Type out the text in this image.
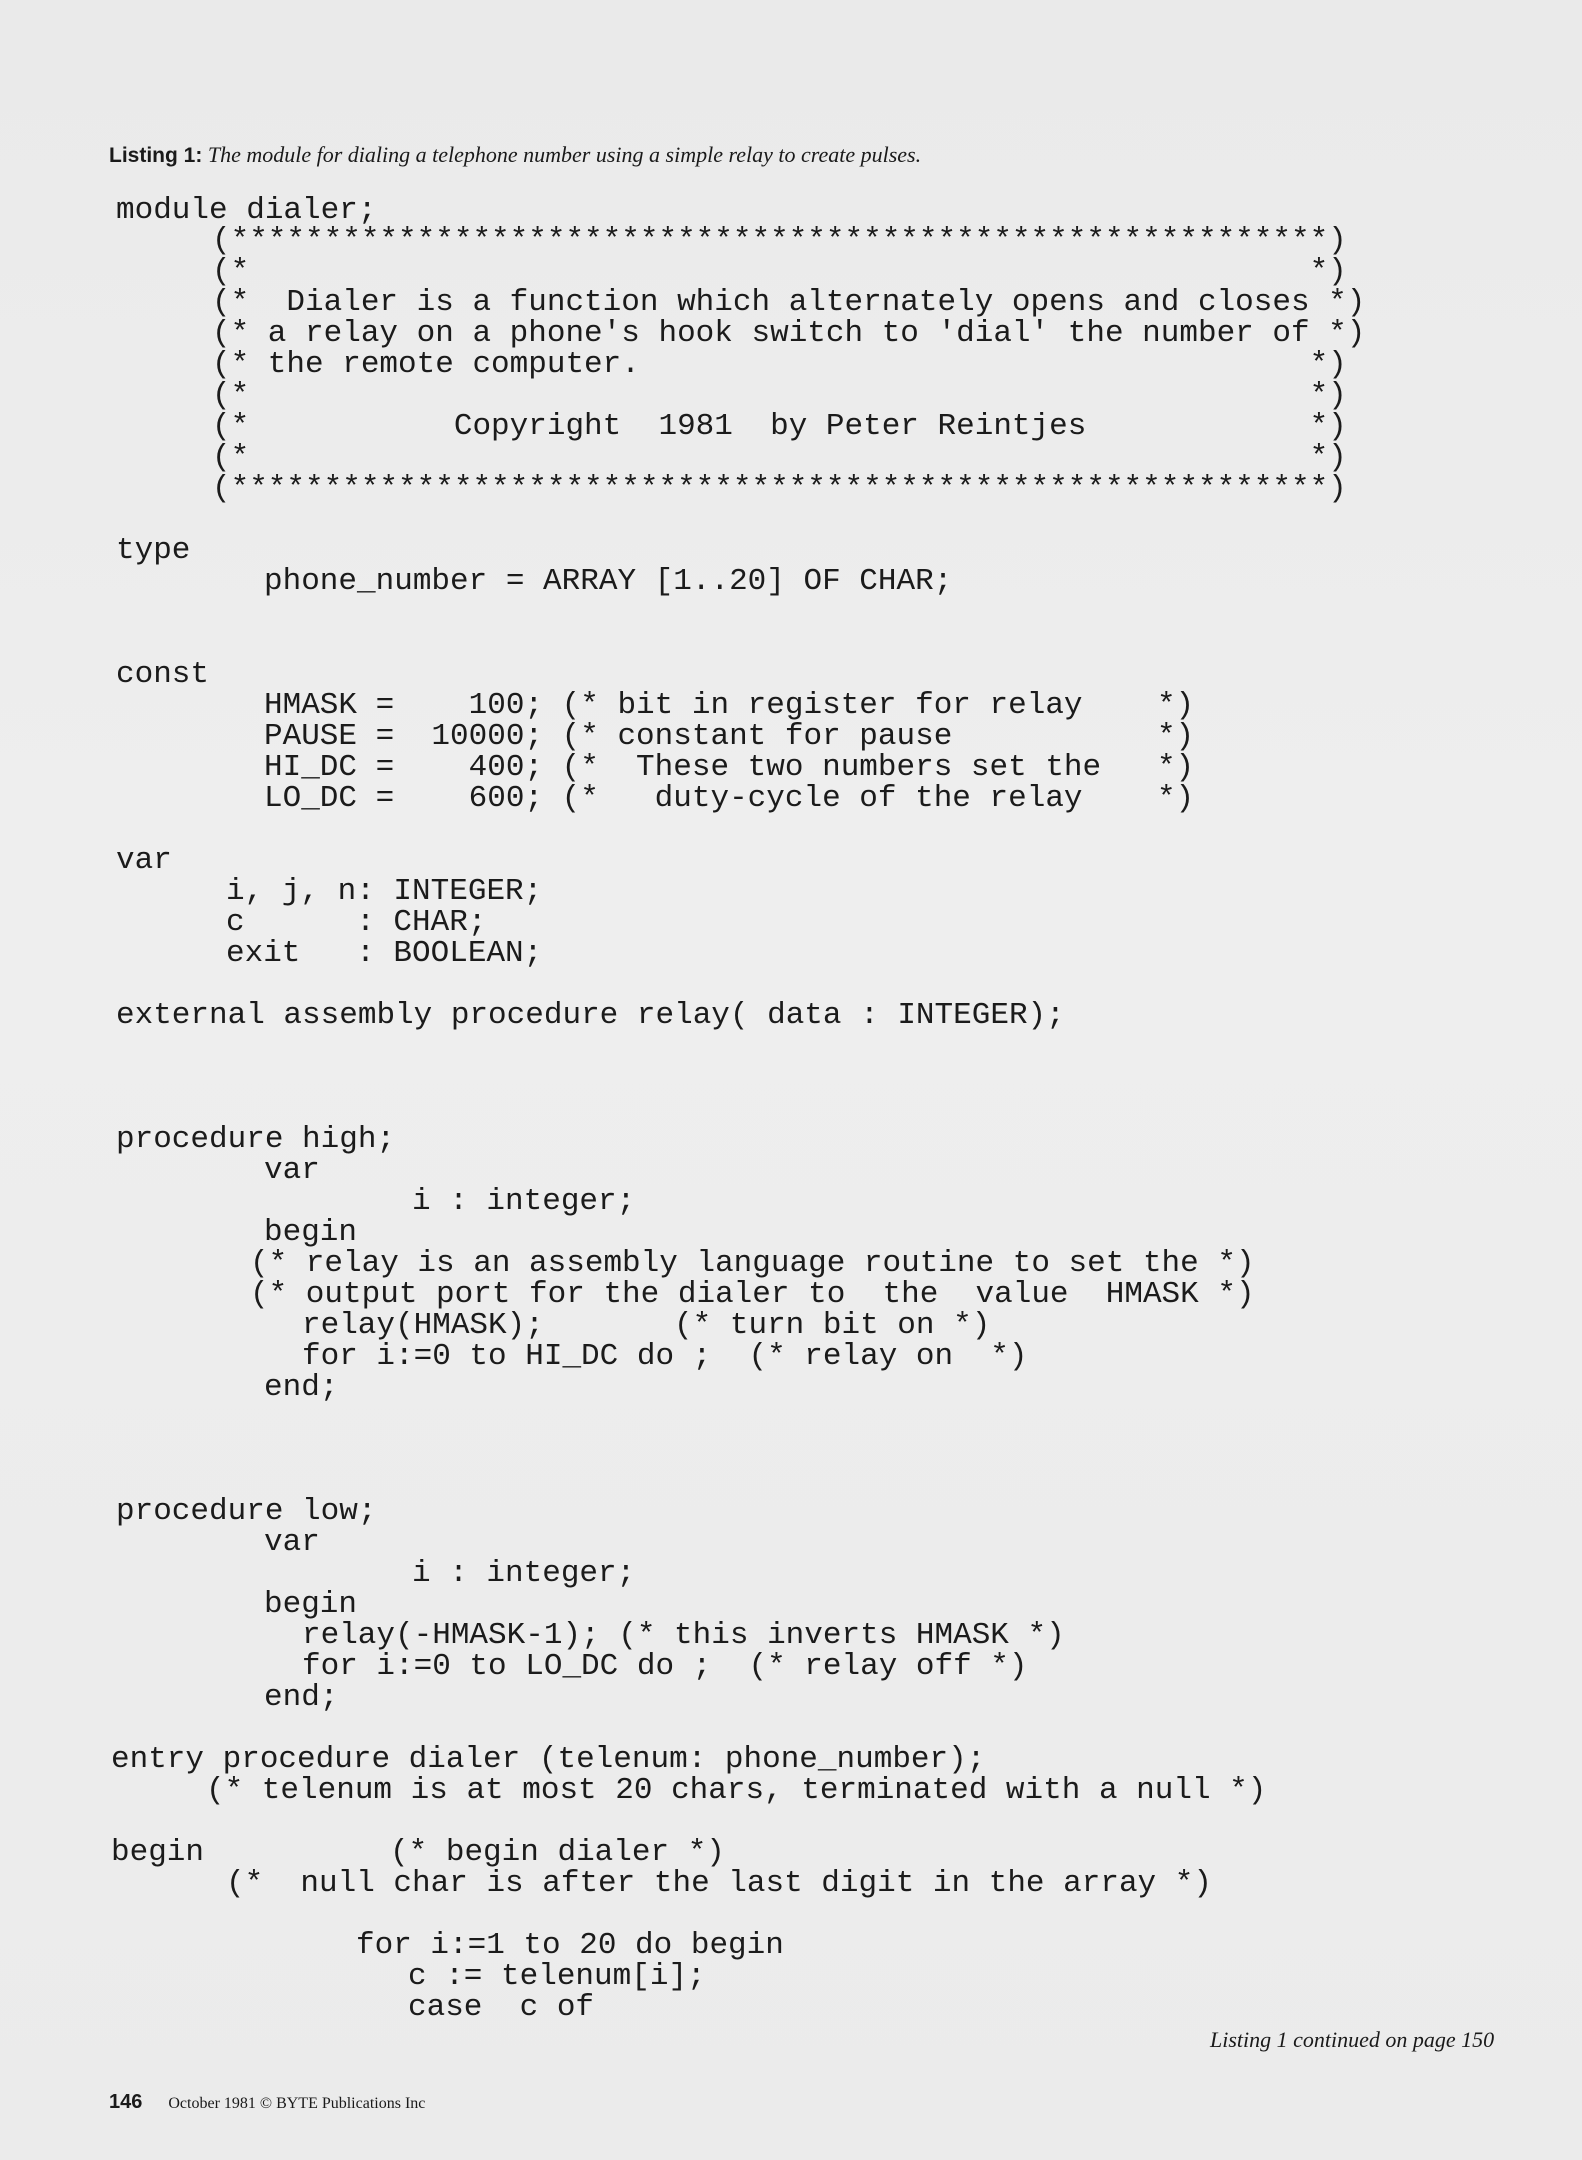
Listing 1: The module for dialing a telephone number using a simple relay to create pulses.
module dialer;
(***********************************************************)
(*                                                         *)
(*  Dialer is a function which alternately opens and closes *)
(* a relay on a phone's hook switch to 'dial' the number of *)
(* the remote computer.                                    *)
(*                                                         *)
(*           Copyright  1981  by Peter Reintjes            *)
(*                                                         *)
(***********************************************************)
type
phone_number = ARRAY [1..20] OF CHAR;
const
HMASK =    100; (* bit in register for relay    *)
PAUSE =  10000; (* constant for pause           *)
HI_DC =    400; (*  These two numbers set the   *)
LO_DC =    600; (*   duty-cycle of the relay    *)
var
i, j, n: INTEGER;
c      : CHAR;
exit   : BOOLEAN;
external assembly procedure relay( data : INTEGER);
procedure high;
var
i : integer;
begin
(* relay is an assembly language routine to set the *)
(* output port for the dialer to  the  value  HMASK *)
relay(HMASK);       (* turn bit on *)
for i:=0 to HI_DC do ;  (* relay on  *)
end;
procedure low;
var
i : integer;
begin
relay(-HMASK-1); (* this inverts HMASK *)
for i:=0 to LO_DC do ;  (* relay off *)
end;
entry procedure dialer (telenum: phone_number);
(* telenum is at most 20 chars, terminated with a null *)
begin          (* begin dialer *)
(*  null char is after the last digit in the array *)
for i:=1 to 20 do begin
c := telenum[i];
case  c of
Listing 1 continued on page 150
146 October 1981 © BYTE Publications Inc
